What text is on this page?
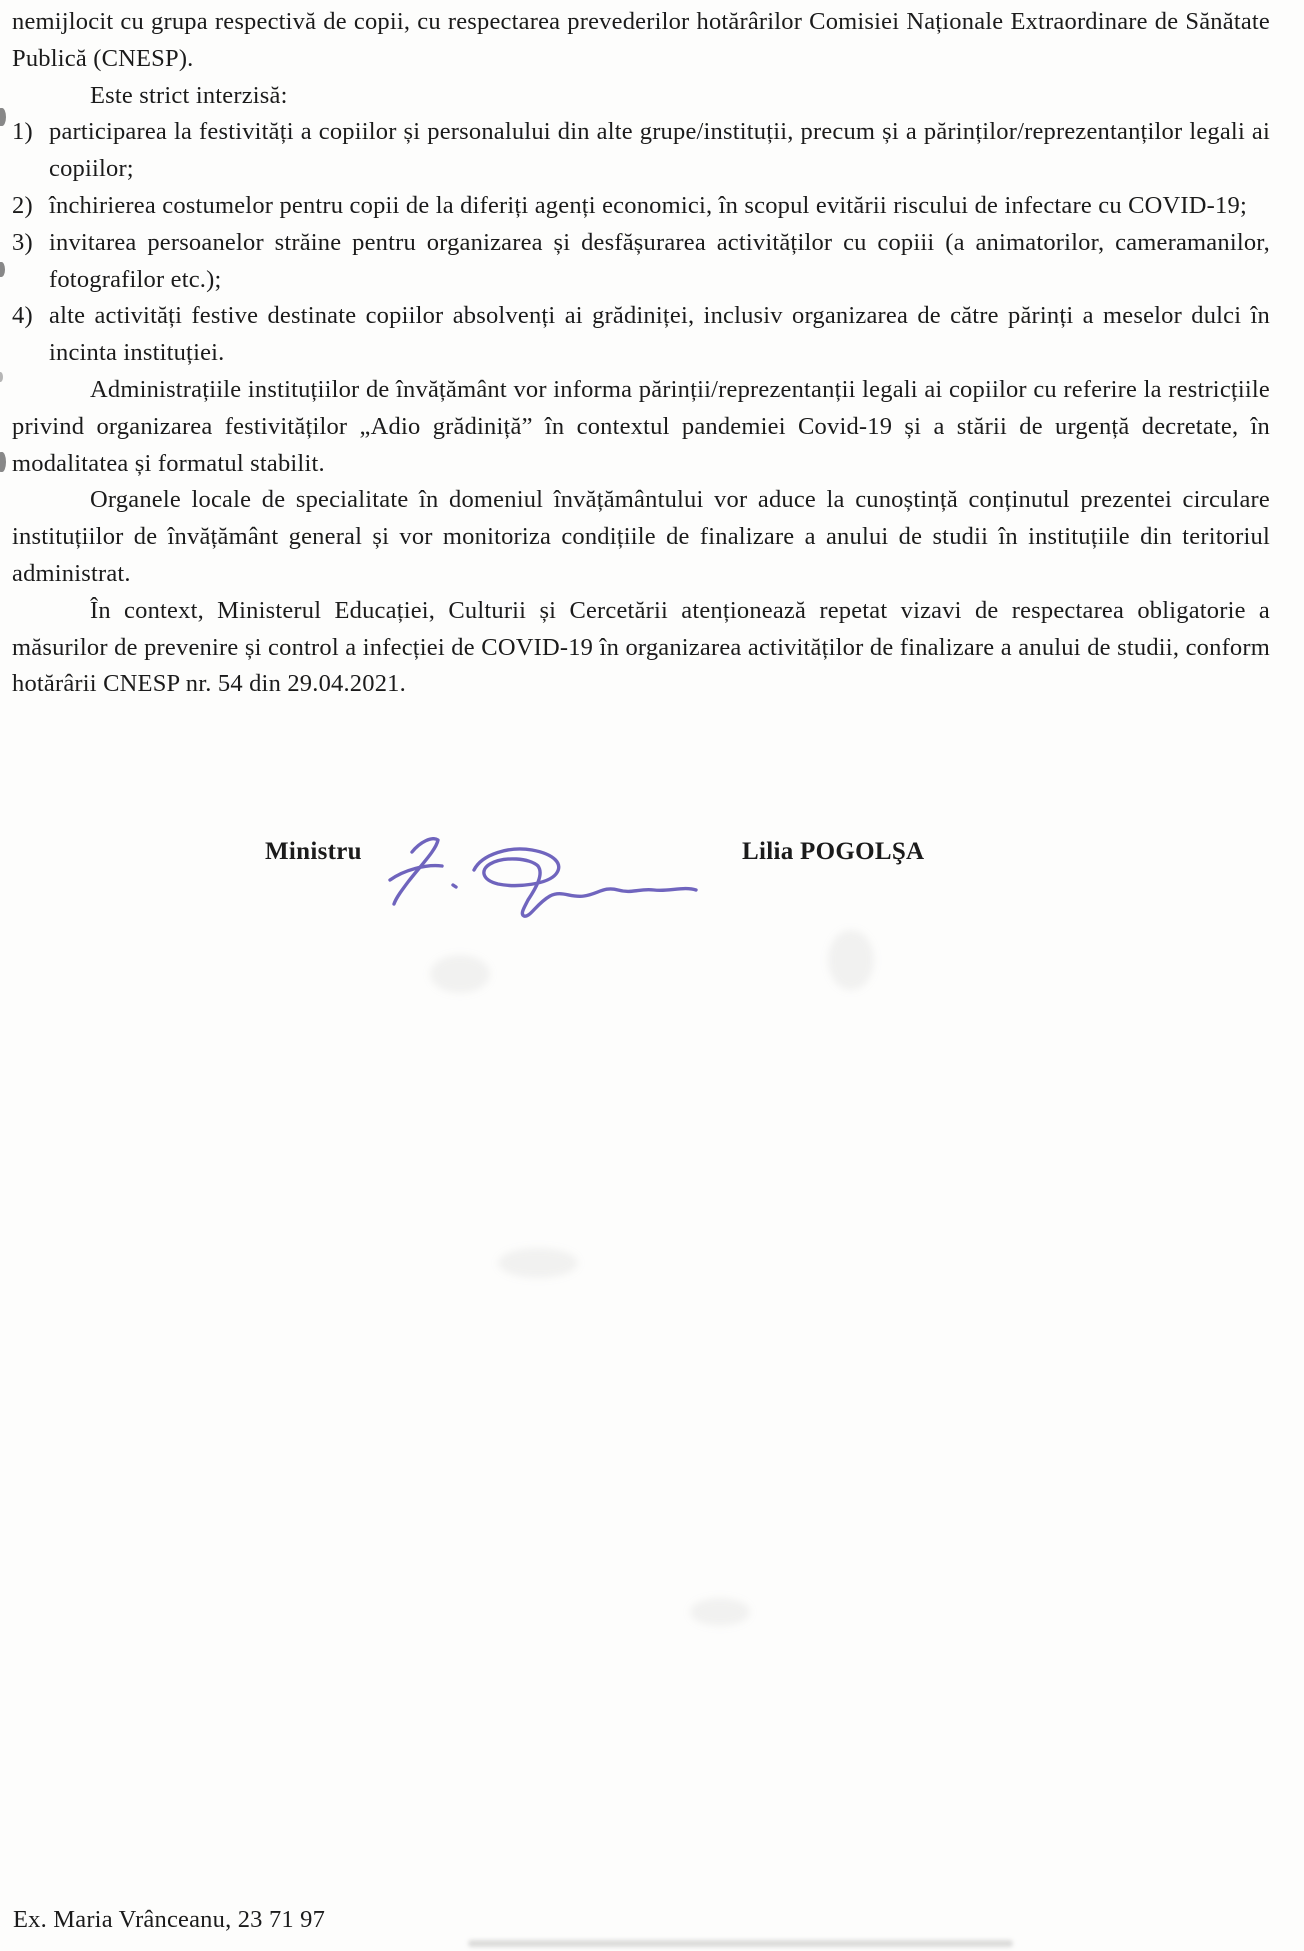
nemijlocit cu grupa respectivă de copii, cu respectarea prevederilor hotărârilor Comisiei Naționale Extraordinare de Sănătate Publică (CNESP).

Este strict interzisă:

1) participarea la festivități a copiilor și personalului din alte grupe/instituții, precum și a părinților/reprezentanților legali ai copiilor;

2) închirierea costumelor pentru copii de la diferiți agenți economici, în scopul evitării riscului de infectare cu COVID-19;

3) invitarea persoanelor străine pentru organizarea și desfășurarea activităților cu copiii (a animatorilor, cameramanilor, fotografilor etc.);

4) alte activități festive destinate copiilor absolvenți ai grădiniței, inclusiv organizarea de către părinți a meselor dulci în incinta instituției.

Administrațiile instituțiilor de învățământ vor informa părinții/reprezentanții legali ai copiilor cu referire la restricțiile privind organizarea festivităților „Adio grădiniță” în contextul pandemiei Covid-19 și a stării de urgență decretate, în modalitatea și formatul stabilit.

Organele locale de specialitate în domeniul învățământului vor aduce la cunoștință conținutul prezentei circulare instituțiilor de învățământ general și vor monitoriza condițiile de finalizare a anului de studii în instituțiile din teritoriul administrat.

În context, Ministerul Educației, Culturii și Cercetării atenționează repetat vizavi de respectarea obligatorie a măsurilor de prevenire și control a infecției de COVID-19 în organizarea activităților de finalizare a anului de studii, conform hotărârii CNESP nr. 54 din 29.04.2021.

Ministru	Lilia POGOLŞA
Ex. Maria Vrânceanu, 23 71 97
